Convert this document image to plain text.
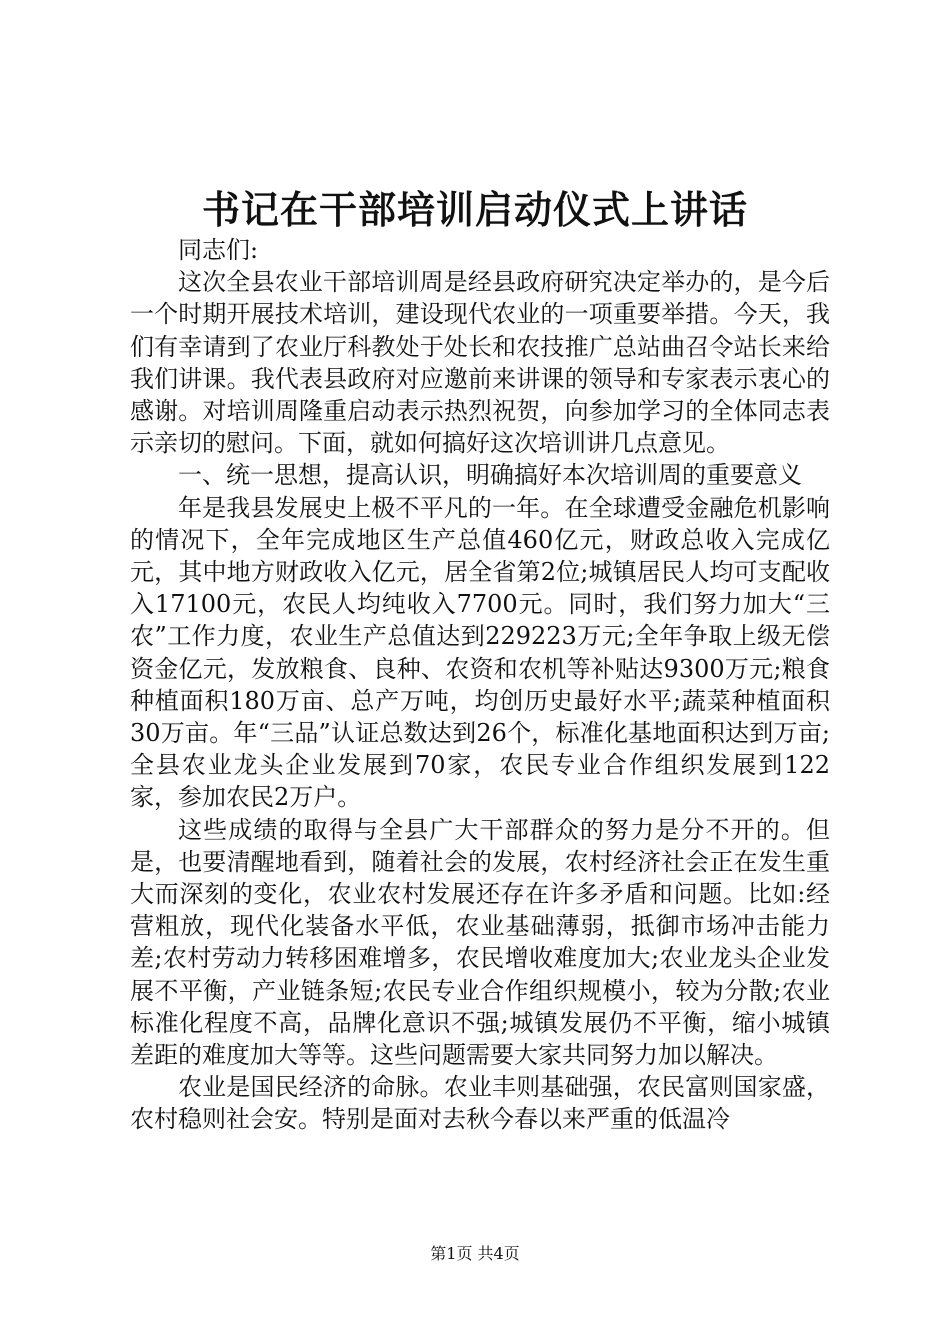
书记在干部培训启动仪式上讲话

同志们:

这次全县农业干部培训周是经县政府研究决定举办的，是今后一个时期开展技术培训，建设现代农业的一项重要举措。今天，我们有幸请到了农业厅科教处于处长和农技推广总站曲召令站长来给我们讲课。我代表县政府对应邀前来讲课的领导和专家表示衷心的感谢。对培训周隆重启动表示热烈祝贺，向参加学习的全体同志表示亲切的慰问。下面，就如何搞好这次培训讲几点意见。

一、统一思想，提高认识，明确搞好本次培训周的重要意义

年是我县发展史上极不平凡的一年。在全球遭受金融危机影响的情况下，全年完成地区生产总值460亿元，财政总收入完成亿元，其中地方财政收入亿元，居全省第2位;城镇居民人均可支配收入17100元，农民人均纯收入7700元。同时，我们努力加大“三农”工作力度，农业生产总值达到229223万元;全年争取上级无偿资金亿元，发放粮食、良种、农资和农机等补贴达9300万元;粮食种植面积180万亩、总产万吨，均创历史最好水平;蔬菜种植面积30万亩。年“三品”认证总数达到26个，标准化基地面积达到万亩;全县农业龙头企业发展到70家，农民专业合作组织发展到122家，参加农民2万户。

这些成绩的取得与全县广大干部群众的努力是分不开的。但是，也要清醒地看到，随着社会的发展，农村经济社会正在发生重大而深刻的变化，农业农村发展还存在许多矛盾和问题。比如:经营粗放，现代化装备水平低，农业基础薄弱，抵御市场冲击能力差;农村劳动力转移困难增多，农民增收难度加大;农业龙头企业发展不平衡，产业链条短;农民专业合作组织规模小，较为分散;农业标准化程度不高，品牌化意识不强;城镇发展仍不平衡，缩小城镇差距的难度加大等等。这些问题需要大家共同努力加以解决。

农业是国民经济的命脉。农业丰则基础强，农民富则国家盛，农村稳则社会安。特别是面对去秋今春以来严重的低温冷

第1页 共4页
